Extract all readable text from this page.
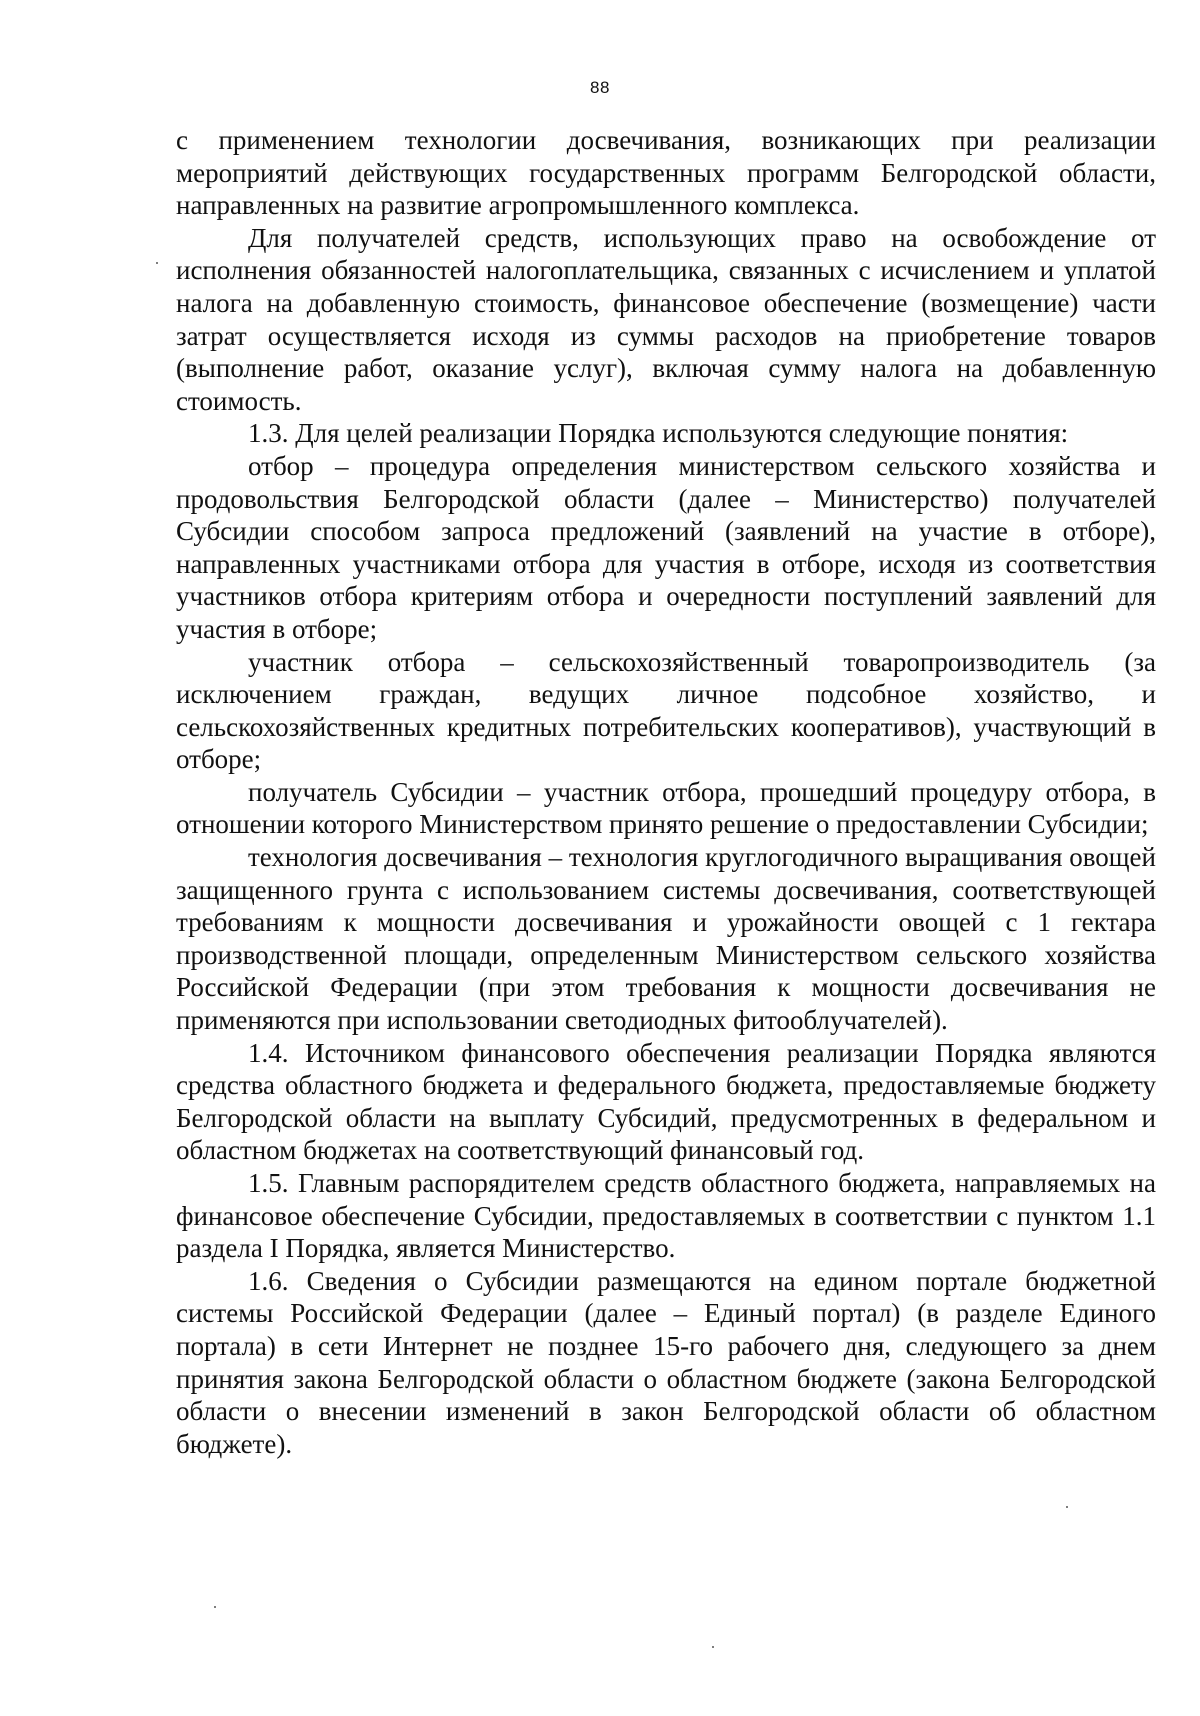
88

с применением технологии досвечивания, возникающих при реализации мероприятий действующих государственных программ Белгородской области, направленных на развитие агропромышленного комплекса.

Для получателей средств, использующих право на освобождение от исполнения обязанностей налогоплательщика, связанных с исчислением и уплатой налога на добавленную стоимость, финансовое обеспечение (возмещение) части затрат осуществляется исходя из суммы расходов на приобретение товаров (выполнение работ, оказание услуг), включая сумму налога на добавленную стоимость.

1.3. Для целей реализации Порядка используются следующие понятия:

отбор – процедура определения министерством сельского хозяйства и продовольствия Белгородской области (далее – Министерство) получателей Субсидии способом запроса предложений (заявлений на участие в отборе), направленных участниками отбора для участия в отборе, исходя из соответствия участников отбора критериям отбора и очередности поступлений заявлений для участия в отборе;

участник отбора – сельскохозяйственный товаропроизводитель (за исключением граждан, ведущих личное подсобное хозяйство, и сельскохозяйственных кредитных потребительских кооперативов), участвующий в отборе;

получатель Субсидии – участник отбора, прошедший процедуру отбора, в отношении которого Министерством принято решение о предоставлении Субсидии;

технология досвечивания – технология круглогодичного выращивания овощей защищенного грунта с использованием системы досвечивания, соответствующей требованиям к мощности досвечивания и урожайности овощей с 1 гектара производственной площади, определенным Министерством сельского хозяйства Российской Федерации (при этом требования к мощности досвечивания не применяются при использовании светодиодных фитооблучателей).

1.4. Источником финансового обеспечения реализации Порядка являются средства областного бюджета и федерального бюджета, предоставляемые бюджету Белгородской области на выплату Субсидий, предусмотренных в федеральном и областном бюджетах на соответствующий финансовый год.

1.5. Главным распорядителем средств областного бюджета, направляемых на финансовое обеспечение Субсидии, предоставляемых в соответствии с пунктом 1.1 раздела I Порядка, является Министерство.

1.6. Сведения о Субсидии размещаются на едином портале бюджетной системы Российской Федерации (далее – Единый портал) (в разделе Единого портала) в сети Интернет не позднее 15-го рабочего дня, следующего за днем принятия закона Белгородской области о областном бюджете (закона Белгородской области о внесении изменений в закон Белгородской области об областном бюджете).
